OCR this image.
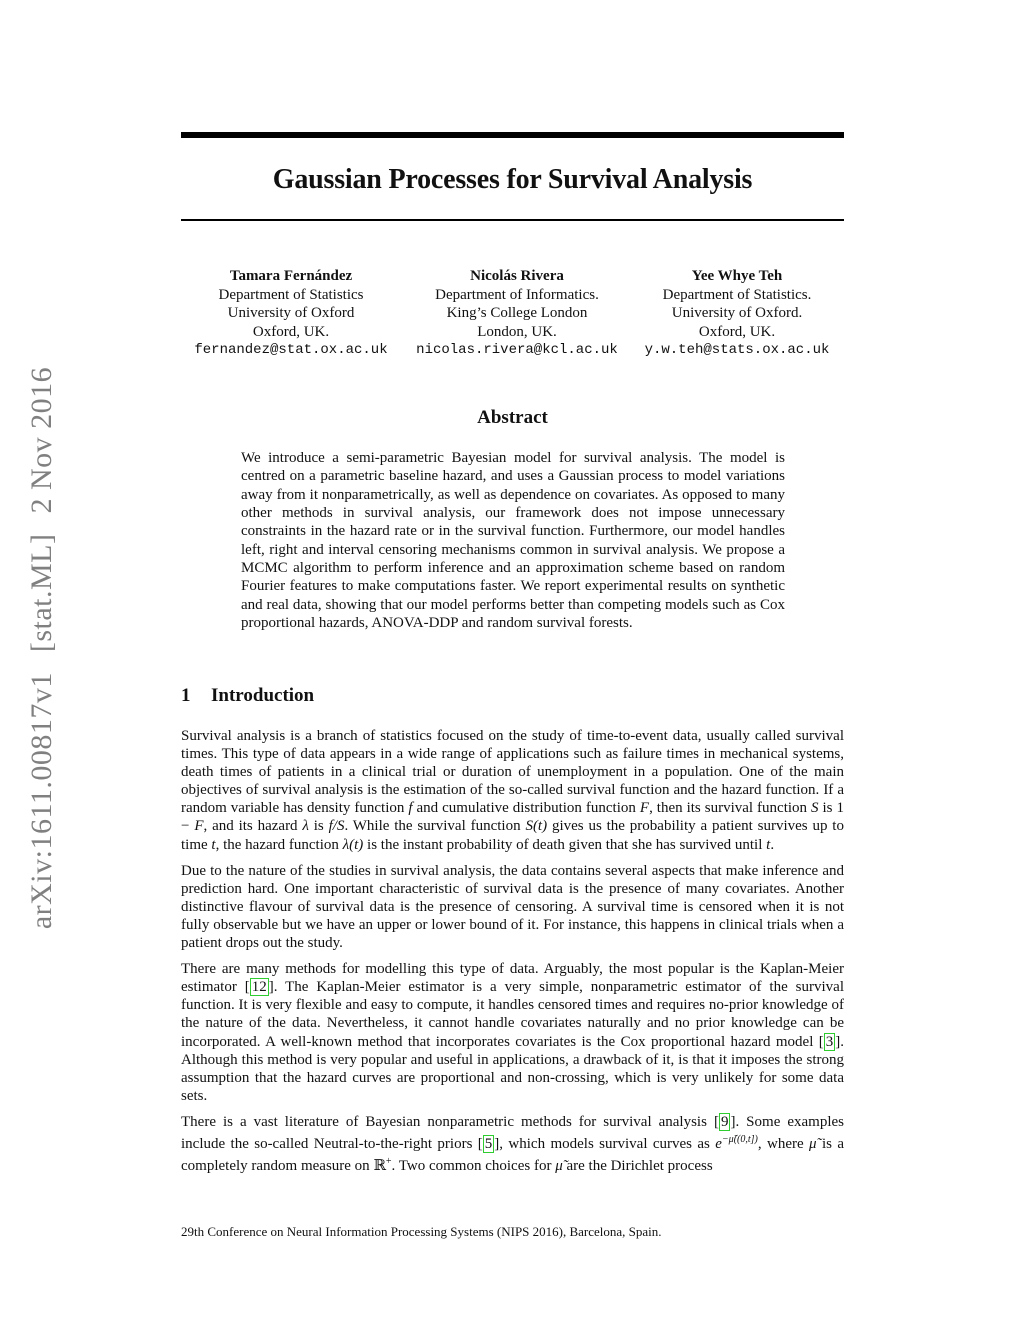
arXiv:1611.00817v1[stat.ML]2 Nov 2016
Gaussian Processes for Survival Analysis
Tamara Fernández
Department of Statistics
University of Oxford
Oxford, UK.
fernandez@stat.ox.ac.uk
Nicolás Rivera
Department of Informatics.
King’s College London
London, UK.
nicolas.rivera@kcl.ac.uk
Yee Whye Teh
Department of Statistics.
University of Oxford.
Oxford, UK.
y.w.teh@stats.ox.ac.uk
Abstract
We introduce a semi-parametric Bayesian model for survival analysis. The model is centred on a parametric baseline hazard, and uses a Gaussian process to model variations away from it nonparametrically, as well as dependence on covariates. As opposed to many other methods in survival analysis, our framework does not impose unnecessary constraints in the hazard rate or in the survival function. Furthermore, our model handles left, right and interval censoring mechanisms common in survival analysis. We propose a MCMC algorithm to perform inference and an approximation scheme based on random Fourier features to make computations faster. We report experimental results on synthetic and real data, showing that our model performs better than competing models such as Cox proportional hazards, ANOVA-DDP and random survival forests.
1 Introduction

Survival analysis is a branch of statistics focused on the study of time-to-event data, usually called survival times. This type of data appears in a wide range of applications such as failure times in mechanical systems, death times of patients in a clinical trial or duration of unemployment in a population. One of the main objectives of survival analysis is the estimation of the so-called survival function and the hazard function. If a random variable has density function f and cumulative distribution function F, then its survival function S is 1 − F, and its hazard λ is f/S. While the survival function S(t) gives us the probability a patient survives up to time t, the hazard function λ(t) is the instant probability of death given that she has survived until t.

Due to the nature of the studies in survival analysis, the data contains several aspects that make inference and prediction hard. One important characteristic of survival data is the presence of many covariates. Another distinctive flavour of survival data is the presence of censoring. A survival time is censored when it is not fully observable but we have an upper or lower bound of it. For instance, this happens in clinical trials when a patient drops out the study.

There are many methods for modelling this type of data. Arguably, the most popular is the Kaplan-Meier estimator [ 12 ]. The Kaplan-Meier estimator is a very simple, nonparametric estimator of the survival function. It is very flexible and easy to compute, it handles censored times and requires no-prior knowledge of the nature of the data. Nevertheless, it cannot handle covariates naturally and no prior knowledge can be incorporated. A well-known method that incorporates covariates is the Cox proportional hazard model [ 3 ]. Although this method is very popular and useful in applications, a drawback of it, is that it imposes the strong assumption that the hazard curves are proportional and non-crossing, which is very unlikely for some data sets.

There is a vast literature of Bayesian nonparametric methods for survival analysis [ 9 ]. Some examples include the so-called Neutral-to-the-right priors [ 5 ], which models survival curves as $e^{-\mũ((0,t])}$, where μ̃ is a completely random measure on ℝ+. Two common choices for μ̃ are the Dirichlet process

29th Conference on Neural Information Processing Systems (NIPS 2016), Barcelona, Spain.
